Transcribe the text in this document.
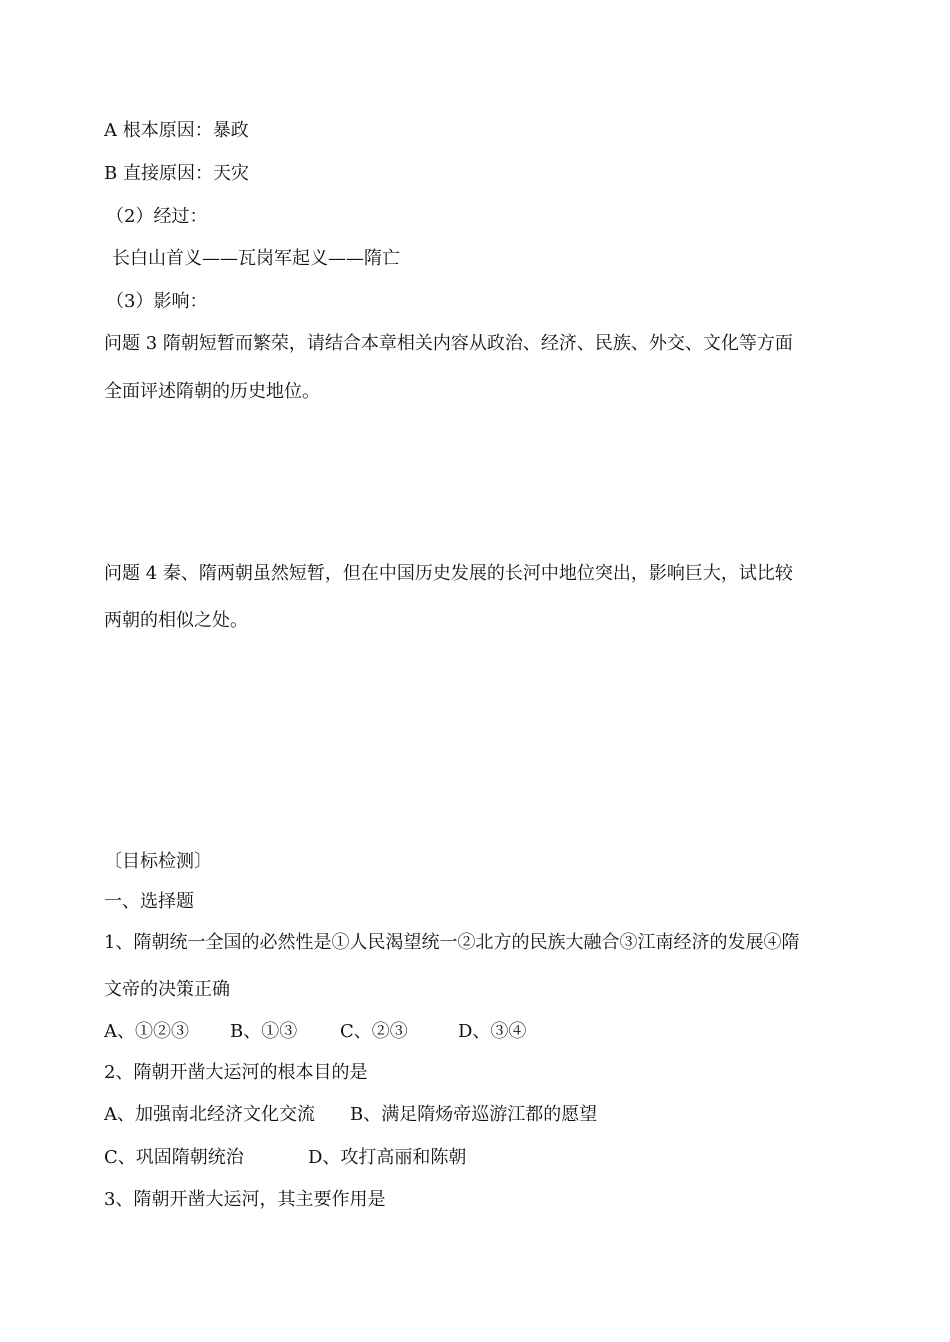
A 根本原因：暴政
B 直接原因：天灾
（2）经过：
长白山首义——瓦岗军起义——隋亡
（3）影响：
问题 3 隋朝短暂而繁荣，请结合本章相关内容从政治、经济、民族、外交、文化等方面
全面评述隋朝的历史地位。
问题 4 秦、隋两朝虽然短暂，但在中国历史发展的长河中地位突出，影响巨大，试比较
两朝的相似之处。
〔目标检测〕
一、选择题
1、隋朝统一全国的必然性是①人民渴望统一②北方的民族大融合③江南经济的发展④隋
文帝的决策正确
A、①②③ B、①③ C、②③	D、③④
2、隋朝开凿大运河的根本目的是
A、加强南北经济文化交流 B、满足隋炀帝巡游江都的愿望
C、巩固隋朝统治	D、攻打高丽和陈朝
3、隋朝开凿大运河，其主要作用是
